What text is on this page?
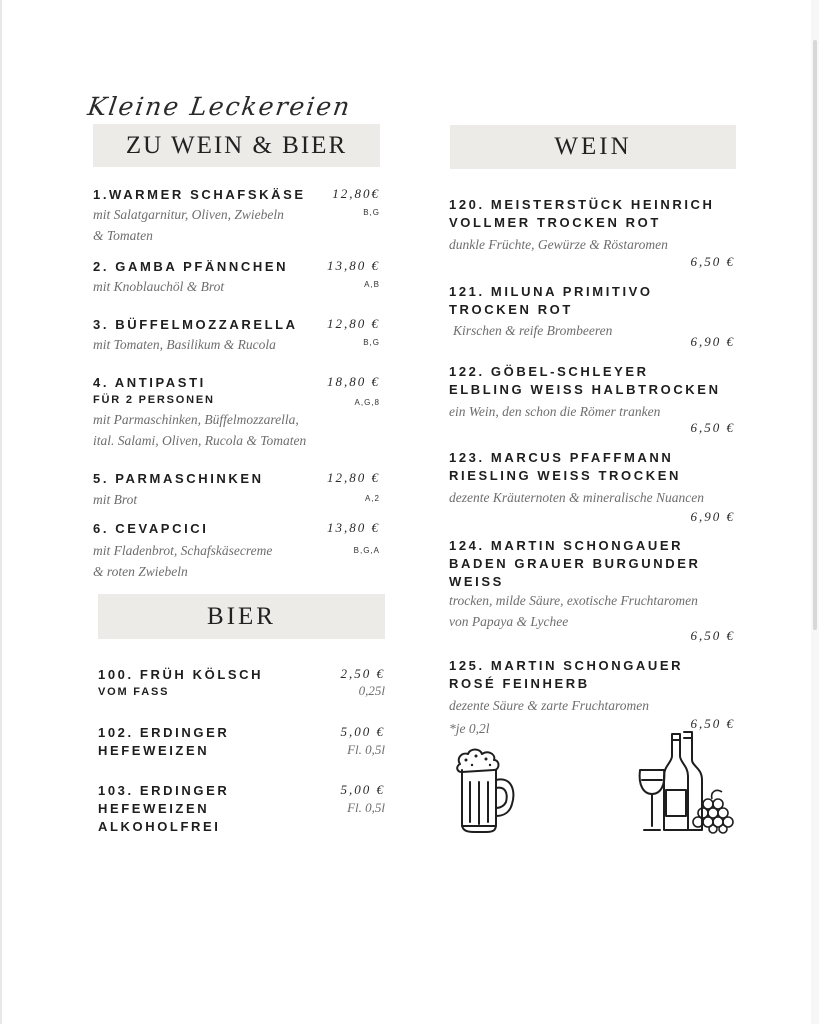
Kleine Leckereien
ZU WEIN & BIER
1.WARMER SCHAFSKÄSE 12,80€
B,G
mit Salatgarnitur, Oliven, Zwiebeln
& Tomaten
2. GAMBA PFÄNNCHEN	13,80 €
A,B
mit Knoblauchöl & Brot
3. BÜFFELMOZZARELLA 12,80 €
B,G
mit Tomaten, Basilikum & Rucola
4. ANTIPASTI
FÜR 2 PERSONEN
18,80 €
A,G,8
mit Parmaschinken, Büffelmozzarella,
ital. Salami, Oliven, Rucola & Tomaten
5. PARMASCHINKEN	12,80 €
A,2
mit Brot
6. CEVAPCICI	13,80 €
B,G,A
mit Fladenbrot, Schafskäsecreme
& roten Zwiebeln
BIER
100. FRÜH KÖLSCH
VOM FASS
2,50 €
0,25l
102. ERDINGER
HEFEWEIZEN
5,00 €
Fl. 0,5l
103. ERDINGER
HEFEWEIZEN
ALKOHOLFREI
5,00 €
Fl. 0,5l
WEIN
120. MEISTERSTÜCK HEINRICH
VOLLMER TROCKEN ROT
dunkle Früchte, Gewürze & Röstaromen
6,50 €
121. MILUNA PRIMITIVO
TROCKEN ROT
Kirschen & reife Brombeeren
6,90 €
122. GÖBEL-SCHLEYER
ELBLING WEISS HALBTROCKEN
ein Wein, den schon die Römer tranken
6,50 €
123. MARCUS PFAFFMANN
RIESLING WEISS TROCKEN
dezente Kräuternoten & mineralische Nuancen
6,90 €
124. MARTIN SCHONGAUER
BADEN GRAUER BURGUNDER
WEISS
trocken, milde Säure, exotische Fruchtaromen
von Papaya & Lychee
6,50 €
125. MARTIN SCHONGAUER
ROSÉ FEINHERB
dezente Säure & zarte Fruchtaromen
6,50 €
*je 0,2l
